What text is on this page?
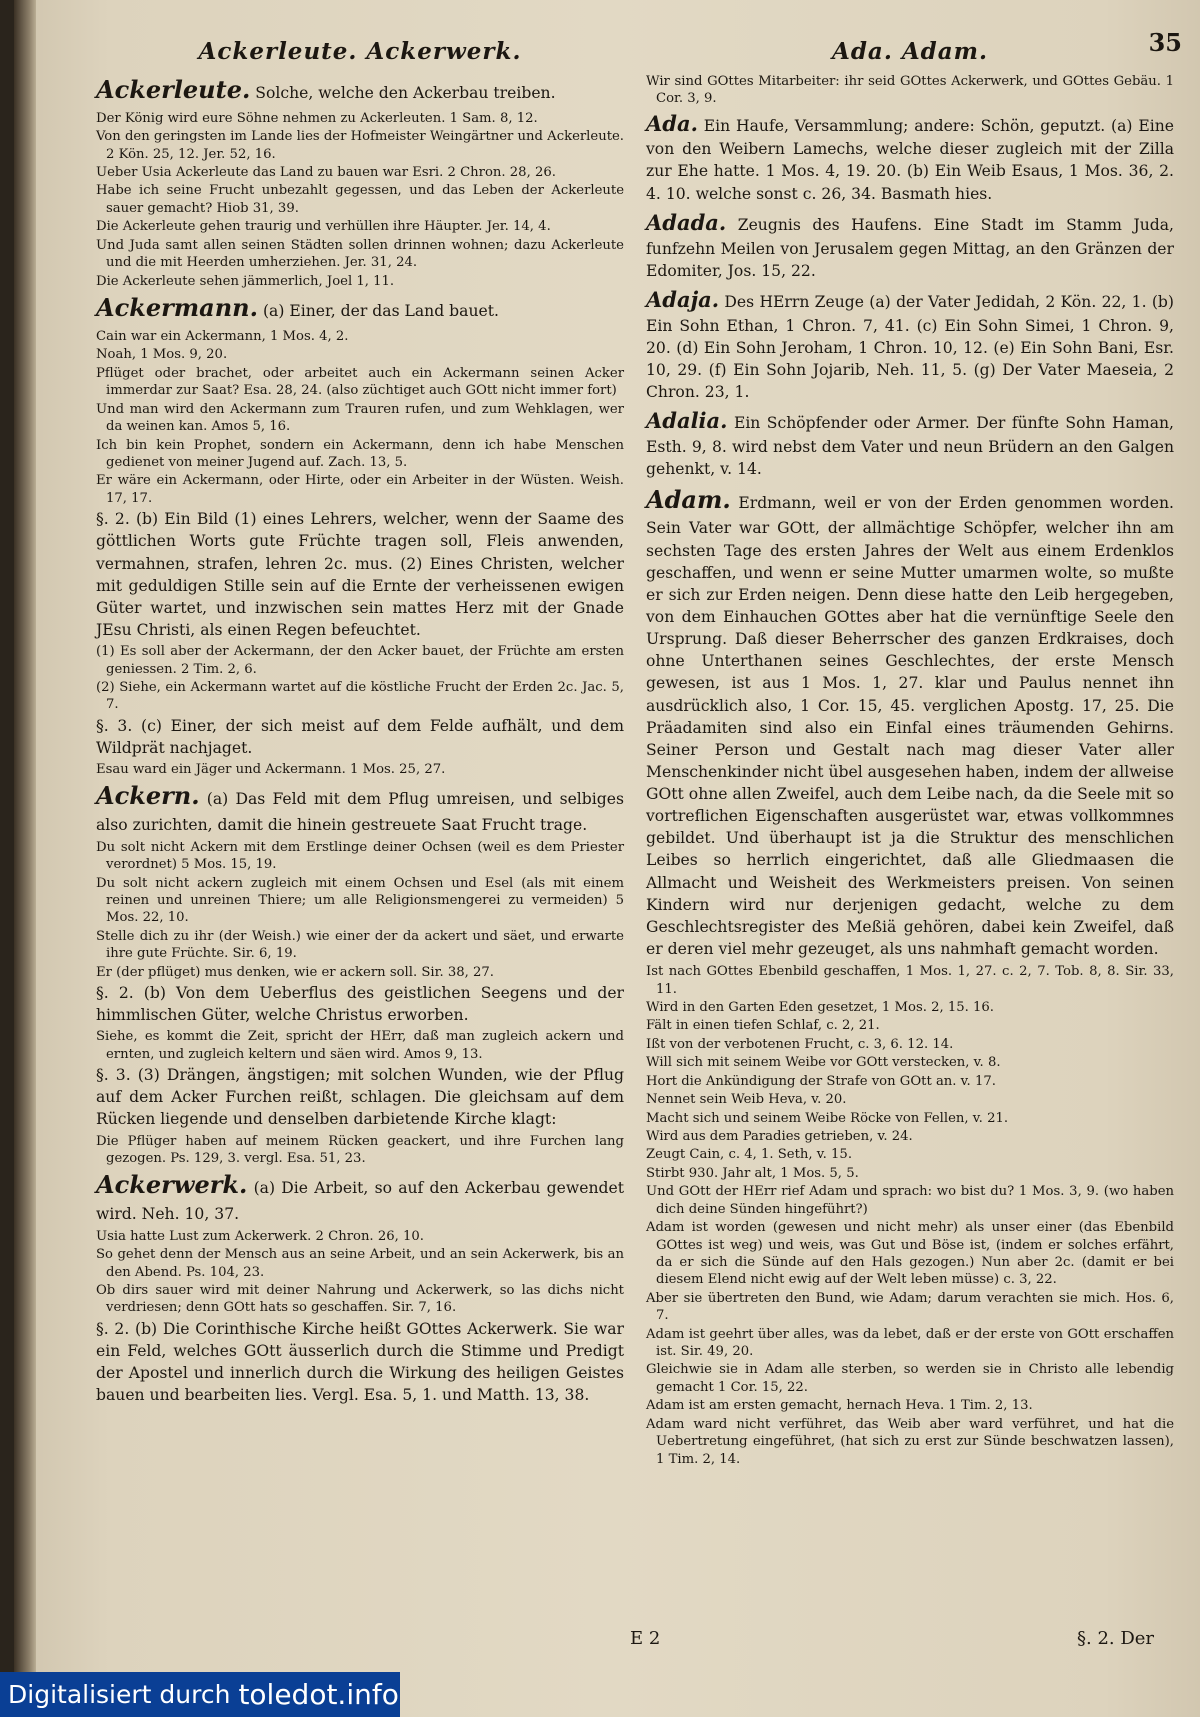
35
Ackerleute. Ackerwerk.
Ackerleute. Solche, welche den Ackerbau treiben.

Der König wird eure Söhne nehmen zu Ackerleuten. 1 Sam. 8, 12.

Von den geringsten im Lande lies der Hofmeister Weingärtner und Ackerleute. 2 Kön. 25, 12. Jer. 52, 16.

Ueber Usia Ackerleute das Land zu bauen war Esri. 2 Chron. 28, 26.

Habe ich seine Frucht unbezahlt gegessen, und das Leben der Ackerleute sauer gemacht? Hiob 31, 39.

Die Ackerleute gehen traurig und verhüllen ihre Häupter. Jer. 14, 4.

Und Juda samt allen seinen Städten sollen drinnen wohnen; dazu Ackerleute und die mit Heerden umherziehen. Jer. 31, 24.

Die Ackerleute sehen jämmerlich, Joel 1, 11.

Ackermann. (a) Einer, der das Land bauet.

Cain war ein Ackermann, 1 Mos. 4, 2.

Noah, 1 Mos. 9, 20.

Pflüget oder brachet, oder arbeitet auch ein Ackermann seinen Acker immerdar zur Saat? Esa. 28, 24. (also züchtiget auch GOtt nicht immer fort)

Und man wird den Ackermann zum Trauren rufen, und zum Wehklagen, wer da weinen kan. Amos 5, 16.

Ich bin kein Prophet, sondern ein Ackermann, denn ich habe Menschen gedienet von meiner Jugend auf. Zach. 13, 5.

Er wäre ein Ackermann, oder Hirte, oder ein Arbeiter in der Wüsten. Weish. 17, 17.

§. 2. (b) Ein Bild (1) eines Lehrers, welcher, wenn der Saame des göttlichen Worts gute Früchte tragen soll, Fleis anwenden, vermahnen, strafen, lehren 2c. mus. (2) Eines Christen, welcher mit geduldigen Stille sein auf die Ernte der verheissenen ewigen Güter wartet, und inzwischen sein mattes Herz mit der Gnade JEsu Christi, als einen Regen befeuchtet.

(1) Es soll aber der Ackermann, der den Acker bauet, der Früchte am ersten geniessen. 2 Tim. 2, 6.

(2) Siehe, ein Ackermann wartet auf die köstliche Frucht der Erden 2c. Jac. 5, 7.

§. 3. (c) Einer, der sich meist auf dem Felde aufhält, und dem Wildprät nachjaget.

Esau ward ein Jäger und Ackermann. 1 Mos. 25, 27.

Ackern. (a) Das Feld mit dem Pflug umreisen, und selbiges also zurichten, damit die hinein gestreuete Saat Frucht trage.

Du solt nicht Ackern mit dem Erstlinge deiner Ochsen (weil es dem Priester verordnet) 5 Mos. 15, 19.

Du solt nicht ackern zugleich mit einem Ochsen und Esel (als mit einem reinen und unreinen Thiere; um alle Religionsmengerei zu vermeiden) 5 Mos. 22, 10.

Stelle dich zu ihr (der Weish.) wie einer der da ackert und säet, und erwarte ihre gute Früchte. Sir. 6, 19.

Er (der pflüget) mus denken, wie er ackern soll. Sir. 38, 27.

§. 2. (b) Von dem Ueberflus des geistlichen Seegens und der himmlischen Güter, welche Christus erworben.

Siehe, es kommt die Zeit, spricht der HErr, daß man zugleich ackern und ernten, und zugleich keltern und säen wird. Amos 9, 13.

§. 3. (3) Drängen, ängstigen; mit solchen Wunden, wie der Pflug auf dem Acker Furchen reißt, schlagen. Die gleichsam auf dem Rücken liegende und denselben darbietende Kirche klagt:

Die Pflüger haben auf meinem Rücken geackert, und ihre Furchen lang gezogen. Ps. 129, 3. vergl. Esa. 51, 23.

Ackerwerk. (a) Die Arbeit, so auf den Ackerbau gewendet wird. Neh. 10, 37.

Usia hatte Lust zum Ackerwerk. 2 Chron. 26, 10.

So gehet denn der Mensch aus an seine Arbeit, und an sein Ackerwerk, bis an den Abend. Ps. 104, 23.

Ob dirs sauer wird mit deiner Nahrung und Ackerwerk, so las dichs nicht verdriesen; denn GOtt hats so geschaffen. Sir. 7, 16.

§. 2. (b) Die Corinthische Kirche heißt GOttes Ackerwerk. Sie war ein Feld, welches GOtt äusserlich durch die Stimme und Predigt der Apostel und innerlich durch die Wirkung des heiligen Geistes bauen und bearbeiten lies. Vergl. Esa. 5, 1. und Matth. 13, 38.

Ada. Adam.

Wir sind GOttes Mitarbeiter: ihr seid GOttes Ackerwerk, und GOttes Gebäu. 1 Cor. 3, 9.

Ada. Ein Haufe, Versammlung; andere: Schön, geputzt. (a) Eine von den Weibern Lamechs, welche dieser zugleich mit der Zilla zur Ehe hatte. 1 Mos. 4, 19. 20. (b) Ein Weib Esaus, 1 Mos. 36, 2. 4. 10. welche sonst c. 26, 34. Basmath hies.
Adada. Zeugnis des Haufens. Eine Stadt im Stamm Juda, funfzehn Meilen von Jerusalem gegen Mittag, an den Gränzen der Edomiter, Jos. 15, 22.
Adaja. Des HErrn Zeuge (a) der Vater Jedidah, 2 Kön. 22, 1. (b) Ein Sohn Ethan, 1 Chron. 7, 41. (c) Ein Sohn Simei, 1 Chron. 9, 20. (d) Ein Sohn Jeroham, 1 Chron. 10, 12. (e) Ein Sohn Bani, Esr. 10, 29. (f) Ein Sohn Jojarib, Neh. 11, 5. (g) Der Vater Maeseia, 2 Chron. 23, 1.
Adalia. Ein Schöpfender oder Armer. Der fünfte Sohn Haman, Esth. 9, 8. wird nebst dem Vater und neun Brüdern an den Galgen gehenkt, v. 14.
Adam. Erdmann, weil er von der Erden genommen worden. Sein Vater war GOtt, der allmächtige Schöpfer, welcher ihn am sechsten Tage des ersten Jahres der Welt aus einem Erdenklos geschaffen, und wenn er seine Mutter umarmen wolte, so mußte er sich zur Erden neigen. Denn diese hatte den Leib hergegeben, von dem Einhauchen GOttes aber hat die vernünftige Seele den Ursprung. Daß dieser Beherrscher des ganzen Erdkraises, doch ohne Unterthanen seines Geschlechtes, der erste Mensch gewesen, ist aus 1 Mos. 1, 27. klar und Paulus nennet ihn ausdrücklich also, 1 Cor. 15, 45. verglichen Apostg. 17, 25. Die Präadamiten sind also ein Einfal eines träumenden Gehirns. Seiner Person und Gestalt nach mag dieser Vater aller Menschenkinder nicht übel ausgesehen haben, indem der allweise GOtt ohne allen Zweifel, auch dem Leibe nach, da die Seele mit so vortreflichen Eigenschaften ausgerüstet war, etwas vollkommnes gebildet. Und überhaupt ist ja die Struktur des menschlichen Leibes so herrlich eingerichtet, daß alle Gliedmaasen die Allmacht und Weisheit des Werkmeisters preisen. Von seinen Kindern wird nur derjenigen gedacht, welche zu dem Geschlechtsregister des Meßiä gehören, dabei kein Zweifel, daß er deren viel mehr gezeuget, als uns nahmhaft gemacht worden.

Ist nach GOttes Ebenbild geschaffen, 1 Mos. 1, 27. c. 2, 7. Tob. 8, 8. Sir. 33, 11.

Wird in den Garten Eden gesetzet, 1 Mos. 2, 15. 16.

Fält in einen tiefen Schlaf, c. 2, 21.

Ißt von der verbotenen Frucht, c. 3, 6. 12. 14.

Will sich mit seinem Weibe vor GOtt verstecken, v. 8.

Hort die Ankündigung der Strafe von GOtt an. v. 17.

Nennet sein Weib Heva, v. 20.

Macht sich und seinem Weibe Röcke von Fellen, v. 21.

Wird aus dem Paradies getrieben, v. 24.

Zeugt Cain, c. 4, 1. Seth, v. 15.

Stirbt 930. Jahr alt, 1 Mos. 5, 5.

Und GOtt der HErr rief Adam und sprach: wo bist du? 1 Mos. 3, 9. (wo haben dich deine Sünden hingeführt?)

Adam ist worden (gewesen und nicht mehr) als unser einer (das Ebenbild GOttes ist weg) und weis, was Gut und Böse ist, (indem er solches erfährt, da er sich die Sünde auf den Hals gezogen.) Nun aber 2c. (damit er bei diesem Elend nicht ewig auf der Welt leben müsse) c. 3, 22.

Aber sie übertreten den Bund, wie Adam; darum verachten sie mich. Hos. 6, 7.

Adam ist geehrt über alles, was da lebet, daß er der erste von GOtt erschaffen ist. Sir. 49, 20.

Gleichwie sie in Adam alle sterben, so werden sie in Christo alle lebendig gemacht 1 Cor. 15, 22.

Adam ist am ersten gemacht, hernach Heva. 1 Tim. 2, 13.

Adam ward nicht verführet, das Weib aber ward verführet, und hat die Uebertretung eingeführet, (hat sich zu erst zur Sünde beschwatzen lassen), 1 Tim. 2, 14.

E 2	§. 2. Der
Digitalisiert durch toledot.info
